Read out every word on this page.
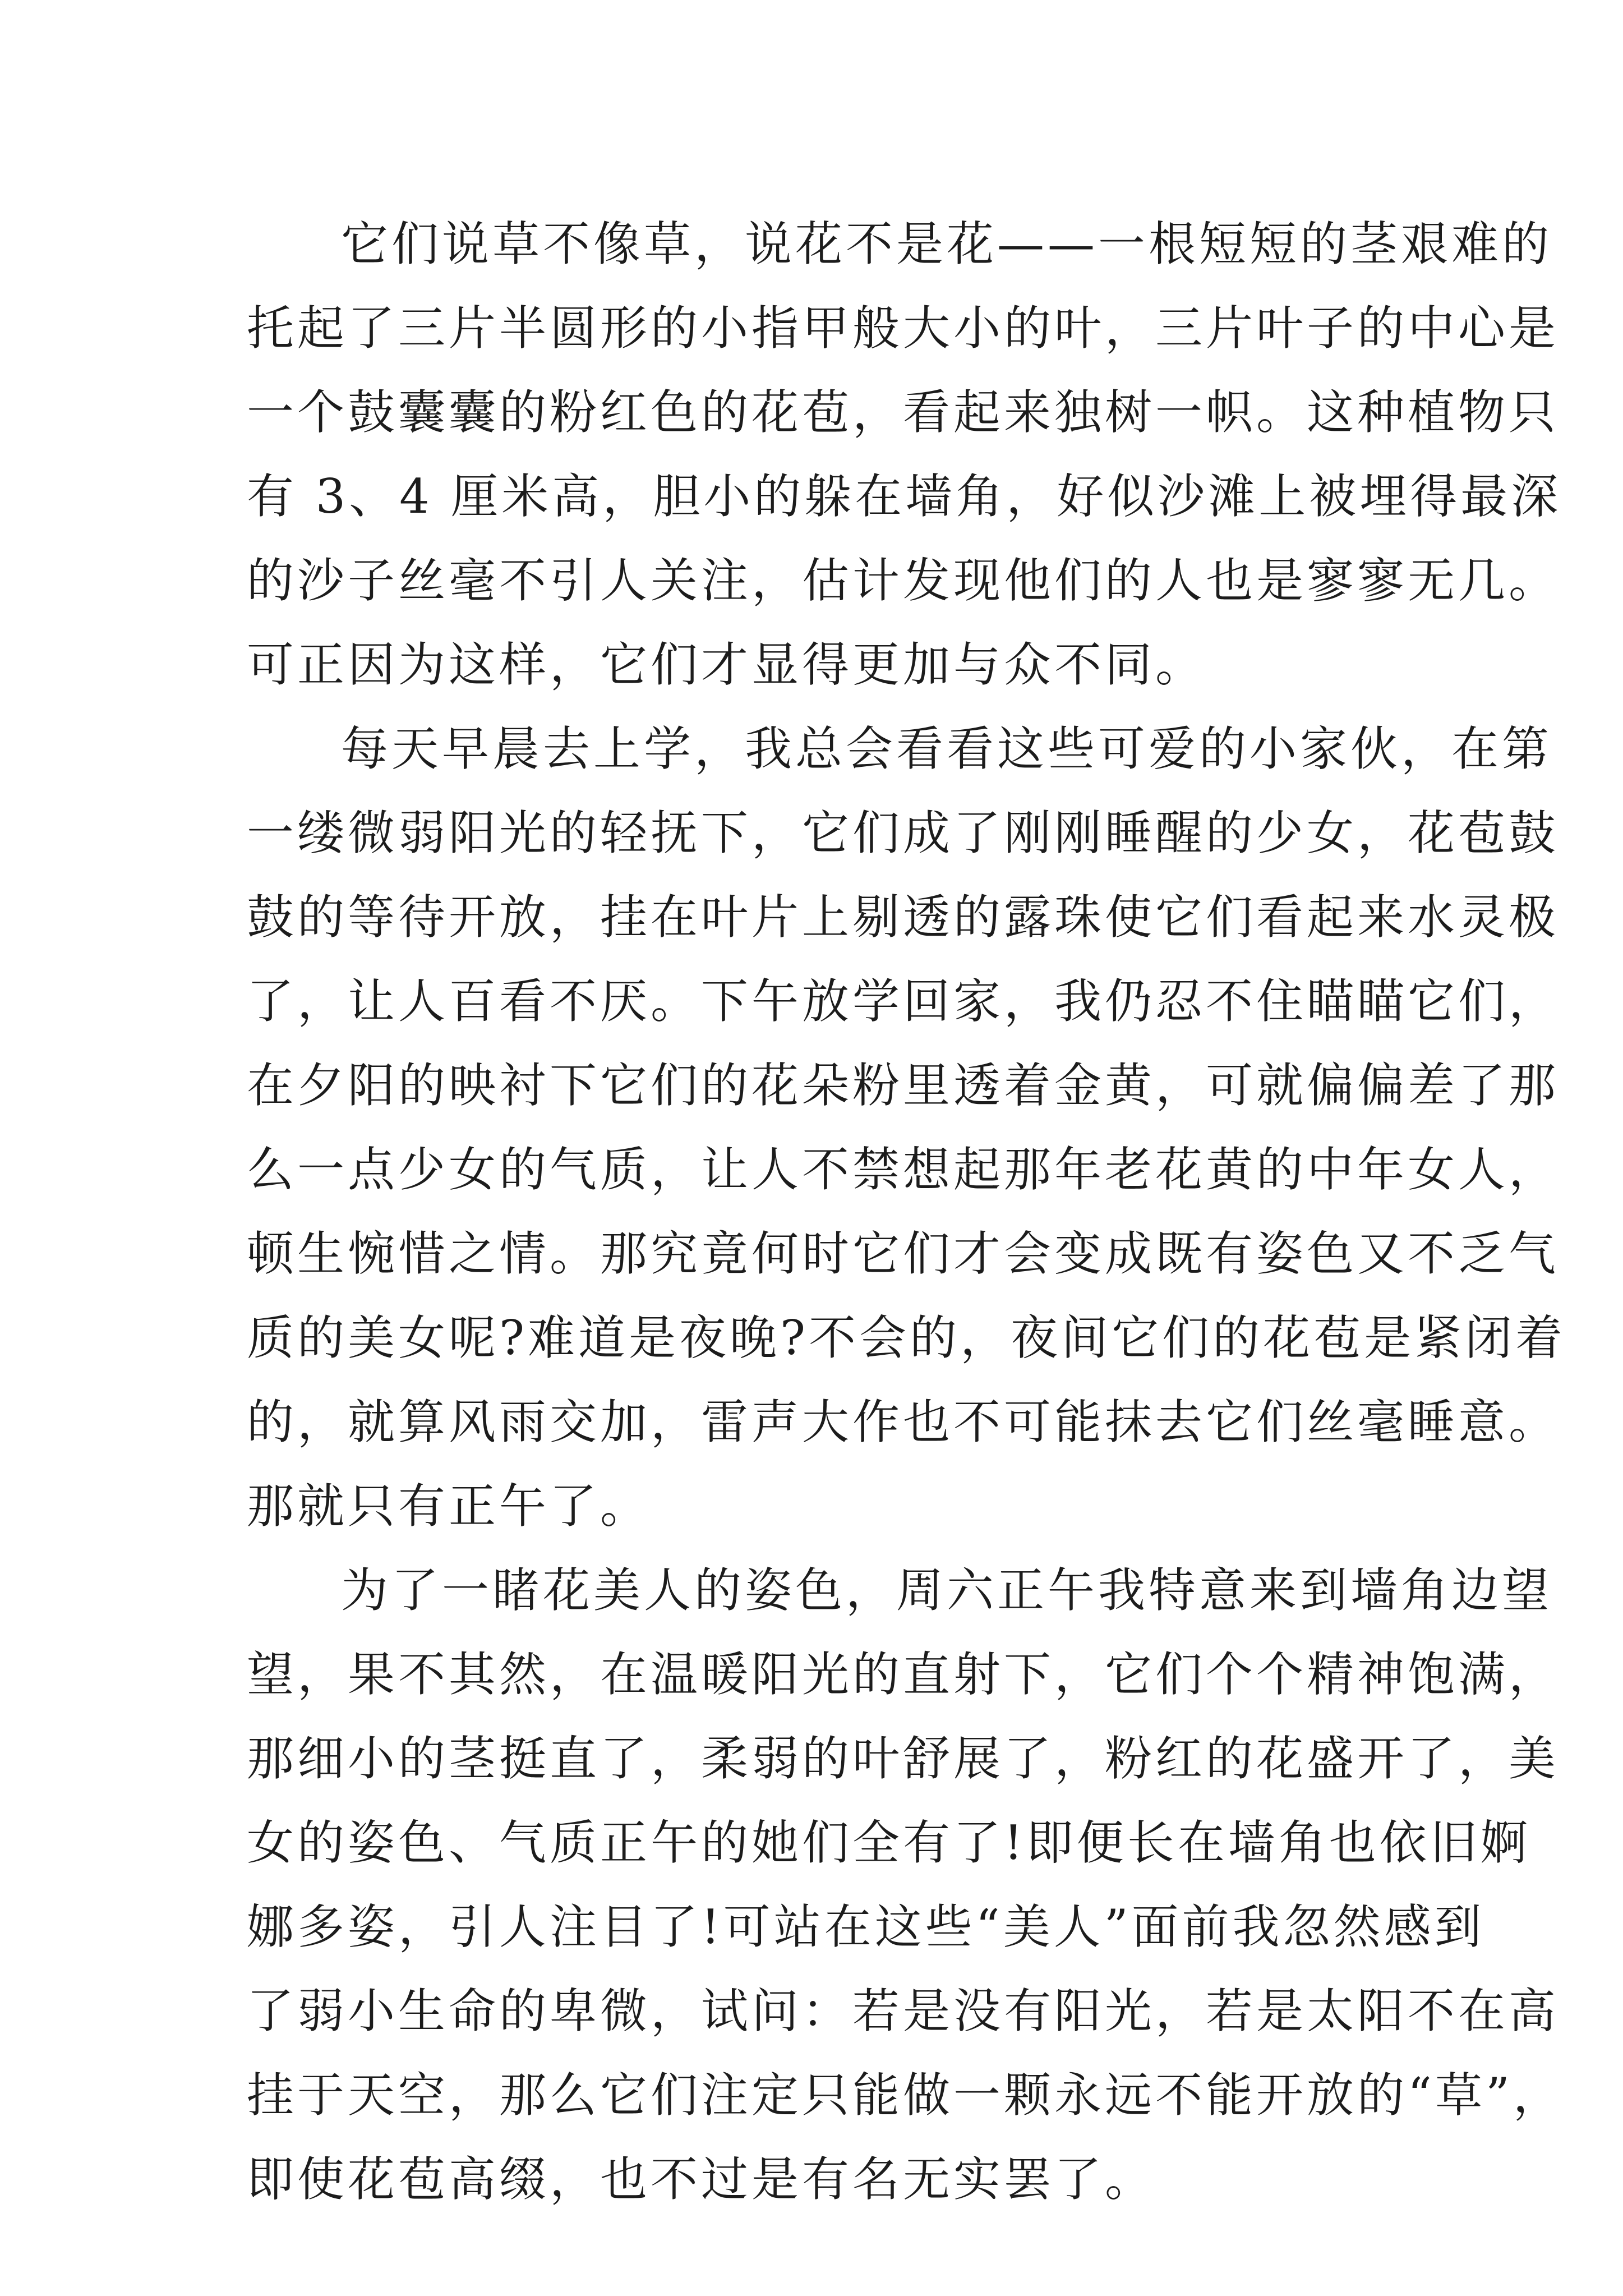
它们说草不像草，说花不是花——一根短短的茎艰难的
托起了三片半圆形的小指甲般大小的叶，三片叶子的中心是
一个鼓囊囊的粉红色的花苞，看起来独树一帜。这种植物只
有 3、4 厘米高，胆小的躲在墙角，好似沙滩上被埋得最深
的沙子丝毫不引人关注，估计发现他们的人也是寥寥无几。
可正因为这样，它们才显得更加与众不同。
每天早晨去上学，我总会看看这些可爱的小家伙，在第
一缕微弱阳光的轻抚下，它们成了刚刚睡醒的少女，花苞鼓
鼓的等待开放，挂在叶片上剔透的露珠使它们看起来水灵极
了，让人百看不厌。下午放学回家，我仍忍不住瞄瞄它们，
在夕阳的映衬下它们的花朵粉里透着金黄，可就偏偏差了那
么一点少女的气质，让人不禁想起那年老花黄的中年女人，
顿生惋惜之情。那究竟何时它们才会变成既有姿色又不乏气
质的美女呢?难道是夜晚?不会的，夜间它们的花苞是紧闭着
的，就算风雨交加，雷声大作也不可能抹去它们丝毫睡意。
那就只有正午了。
为了一睹花美人的姿色，周六正午我特意来到墙角边望
望，果不其然，在温暖阳光的直射下，它们个个精神饱满，
那细小的茎挺直了，柔弱的叶舒展了，粉红的花盛开了，美
女的姿色、气质正午的她们全有了!即便长在墙角也依旧婀
娜多姿，引人注目了!可站在这些“美人”面前我忽然感到
了弱小生命的卑微，试问：若是没有阳光，若是太阳不在高
挂于天空，那么它们注定只能做一颗永远不能开放的“草”，
即使花苞高缀，也不过是有名无实罢了。
